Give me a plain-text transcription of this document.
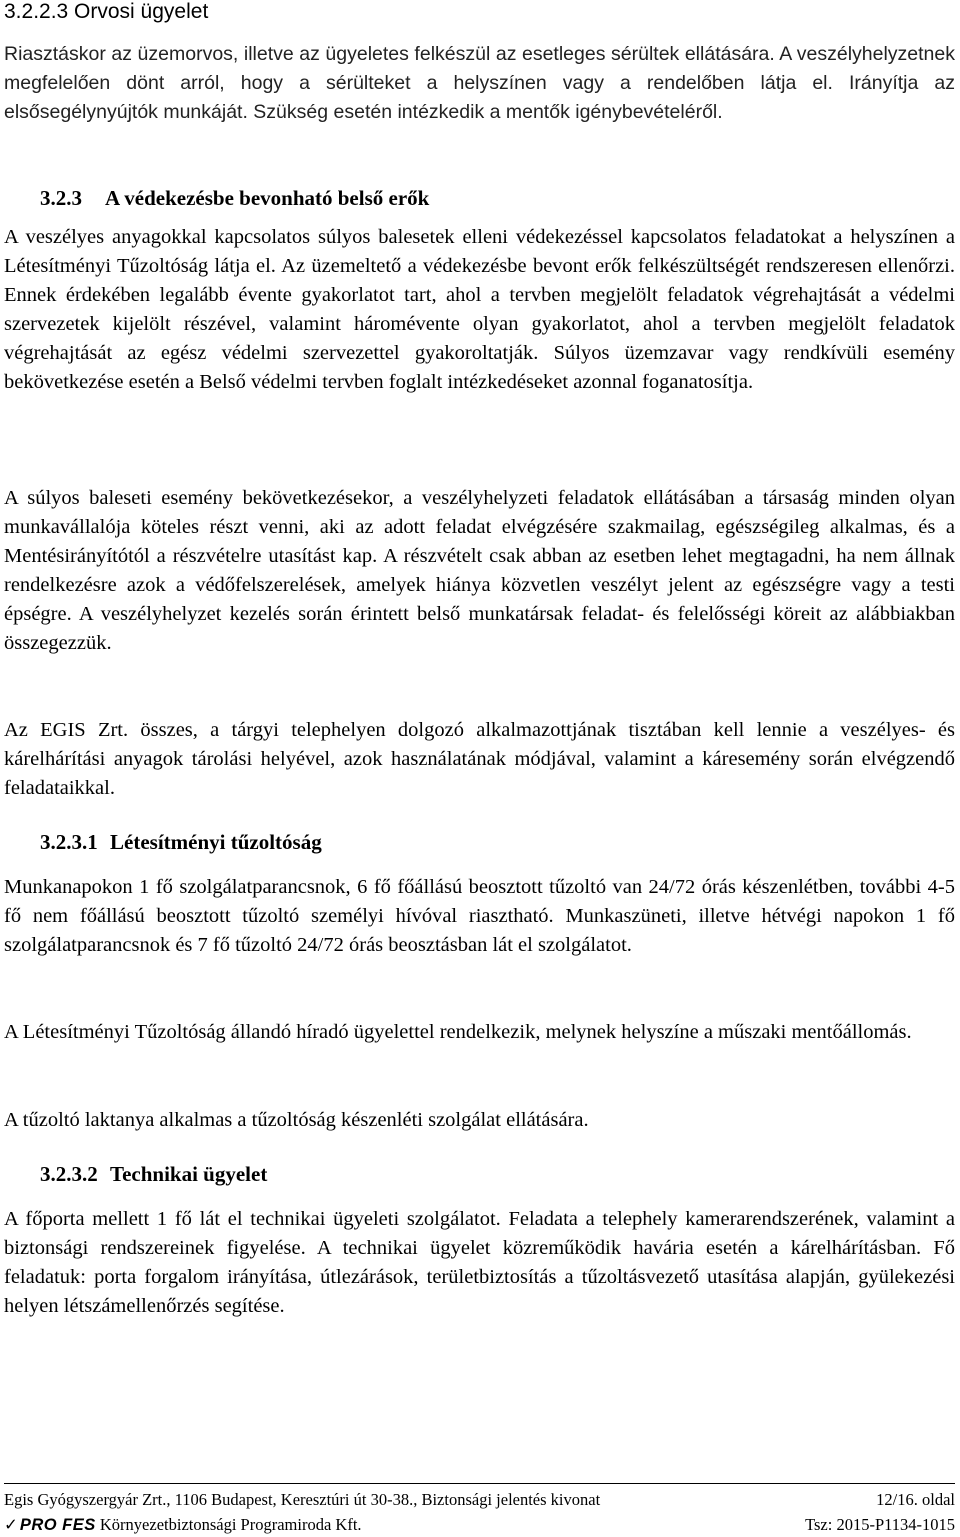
3.2.2.3 Orvosi ügyelet

Riasztáskor az üzemorvos, illetve az ügyeletes felkészül az esetleges sérültek ellátására. A veszélyhelyzetnek megfelelően dönt arról, hogy a sérülteket a helyszínen vagy a rendelőben látja el. Irányítja az elsősegélynyújtók munkáját. Szükség esetén intézkedik a mentők igénybevételéről.

3.2.3 A védekezésbe bevonható belső erők

A veszélyes anyagokkal kapcsolatos súlyos balesetek elleni védekezéssel kapcsolatos feladatokat a helyszínen a Létesítményi Tűzoltóság látja el. Az üzemeltető a védekezésbe bevont erők felkészültségét rendszeresen ellenőrzi. Ennek érdekében legalább évente gyakorlatot tart, ahol a tervben megjelölt feladatok végrehajtását a védelmi szervezetek kijelölt részével, valamint háromévente olyan gyakorlatot, ahol a tervben megjelölt feladatok végrehajtását az egész védelmi szervezettel gyakoroltatják. Súlyos üzemzavar vagy rendkívüli esemény bekövetkezése esetén a Belső védelmi tervben foglalt intézkedéseket azonnal foganatosítja.

A súlyos baleseti esemény bekövetkezésekor, a veszélyhelyzeti feladatok ellátásában a társaság minden olyan munkavállalója köteles részt venni, aki az adott feladat elvégzésére szakmailag, egészségileg alkalmas, és a Mentésirányítótól a részvételre utasítást kap. A részvételt csak abban az esetben lehet megtagadni, ha nem állnak rendelkezésre azok a védőfelszerelések, amelyek hiánya közvetlen veszélyt jelent az egészségre vagy a testi épségre. A veszélyhelyzet kezelés során érintett belső munkatársak feladat- és felelősségi köreit az alábbiakban összegezzük.

Az EGIS Zrt. összes, a tárgyi telephelyen dolgozó alkalmazottjának tisztában kell lennie a veszélyes- és kárelhárítási anyagok tárolási helyével, azok használatának módjával, valamint a káresemény során elvégzendő feladataikkal.

3.2.3.1 Létesítményi tűzoltóság

Munkanapokon 1 fő szolgálatparancsnok, 6 fő főállású beosztott tűzoltó van 24/72 órás készenlétben, további 4-5 fő nem főállású beosztott tűzoltó személyi hívóval riasztható. Munkaszüneti, illetve hétvégi napokon 1 fő szolgálatparancsnok és 7 fő tűzoltó 24/72 órás beosztásban lát el szolgálatot.

A Létesítményi Tűzoltóság állandó híradó ügyelettel rendelkezik, melynek helyszíne a műszaki mentőállomás.

A tűzoltó laktanya alkalmas a tűzoltóság készenléti szolgálat ellátására.

3.2.3.2 Technikai ügyelet

A főporta mellett 1 fő lát el technikai ügyeleti szolgálatot. Feladata a telephely kamerarendszerének, valamint a biztonsági rendszereinek figyelése. A technikai ügyelet közreműködik havária esetén a kárelhárításban. Fő feladatuk: porta forgalom irányítása, útlezárások, területbiztosítás a tűzoltásvezető utasítása alapján, gyülekezési helyen létszámellenőrzés segítése.

Egis Gyógyszergyár Zrt., 1106 Budapest, Keresztúri út 30-38., Biztonsági jelentés kivonat	12/16. oldal
✓ PRO FES Környezetbiztonsági Programiroda Kft.	Tsz: 2015-P1134-1015
